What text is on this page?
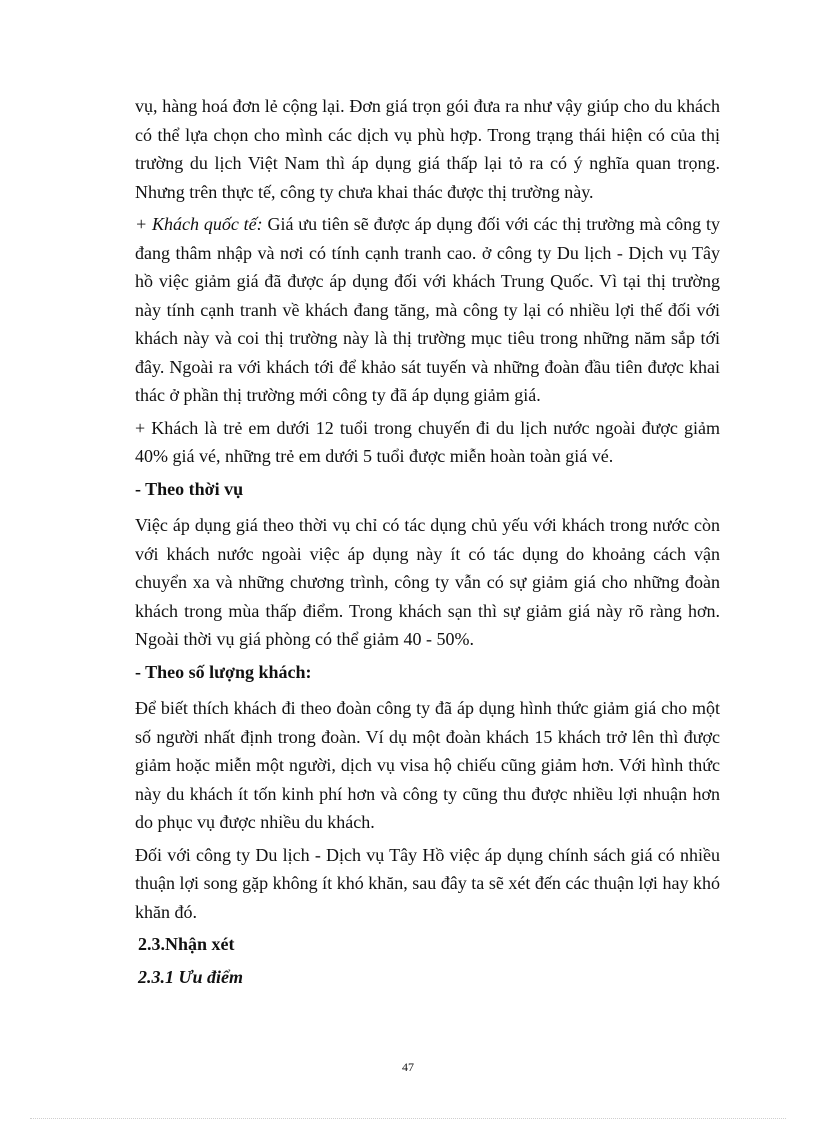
vụ, hàng hoá đơn lẻ cộng lại. Đơn giá trọn gói đưa ra như vậy giúp cho du khách có thể lựa chọn cho mình các dịch vụ phù hợp. Trong trạng thái hiện có của thị trường du lịch Việt Nam thì áp dụng giá thấp lại tỏ ra có ý nghĩa quan trọng. Nhưng trên thực tế, công ty chưa khai thác được thị trường này.

+ Khách quốc tế: Giá ưu tiên sẽ được áp dụng đối với các thị trường mà công ty đang thâm nhập và nơi có tính cạnh tranh cao. ở công ty Du lịch - Dịch vụ Tây hồ việc giảm giá đã được áp dụng đối với khách Trung Quốc. Vì tại thị trường này tính cạnh tranh về khách đang tăng, mà công ty lại có nhiều lợi thế đối với khách này và coi thị trường này là thị trường mục tiêu trong những năm sắp tới đây. Ngoài ra với khách tới để khảo sát tuyến và những đoàn đầu tiên được khai thác ở phần thị trường mới công ty đã áp dụng giảm giá.

+ Khách là trẻ em dưới 12 tuổi trong chuyến đi du lịch nước ngoài được giảm 40% giá vé, những trẻ em dưới 5 tuổi được miễn hoàn toàn giá vé.

- Theo thời vụ

Việc áp dụng giá theo thời vụ chỉ có tác dụng chủ yếu với khách trong nước còn với khách nước ngoài việc áp dụng này ít có tác dụng do khoảng cách vận chuyển xa và những chương trình, công ty vẫn có sự giảm giá cho những đoàn khách trong mùa thấp điểm. Trong khách sạn thì sự giảm giá này rõ ràng hơn. Ngoài thời vụ giá phòng có thể giảm 40 - 50%.

- Theo số lượng khách:

Để biết thích khách đi theo đoàn công ty đã áp dụng hình thức giảm giá cho một số người nhất định trong đoàn. Ví dụ một đoàn khách 15 khách trở lên thì được giảm hoặc miễn một người, dịch vụ visa hộ chiếu cũng giảm hơn. Với hình thức này du khách ít tốn kinh phí hơn và công ty cũng thu được nhiều lợi nhuận hơn do phục vụ được nhiều du khách.

Đối với công ty Du lịch - Dịch vụ Tây Hồ việc áp dụng chính sách giá có nhiều thuận lợi song gặp không ít khó khăn, sau đây ta sẽ xét đến các thuận lợi hay khó khăn đó.

2.3.Nhận xét

2.3.1 Ưu điểm

47
